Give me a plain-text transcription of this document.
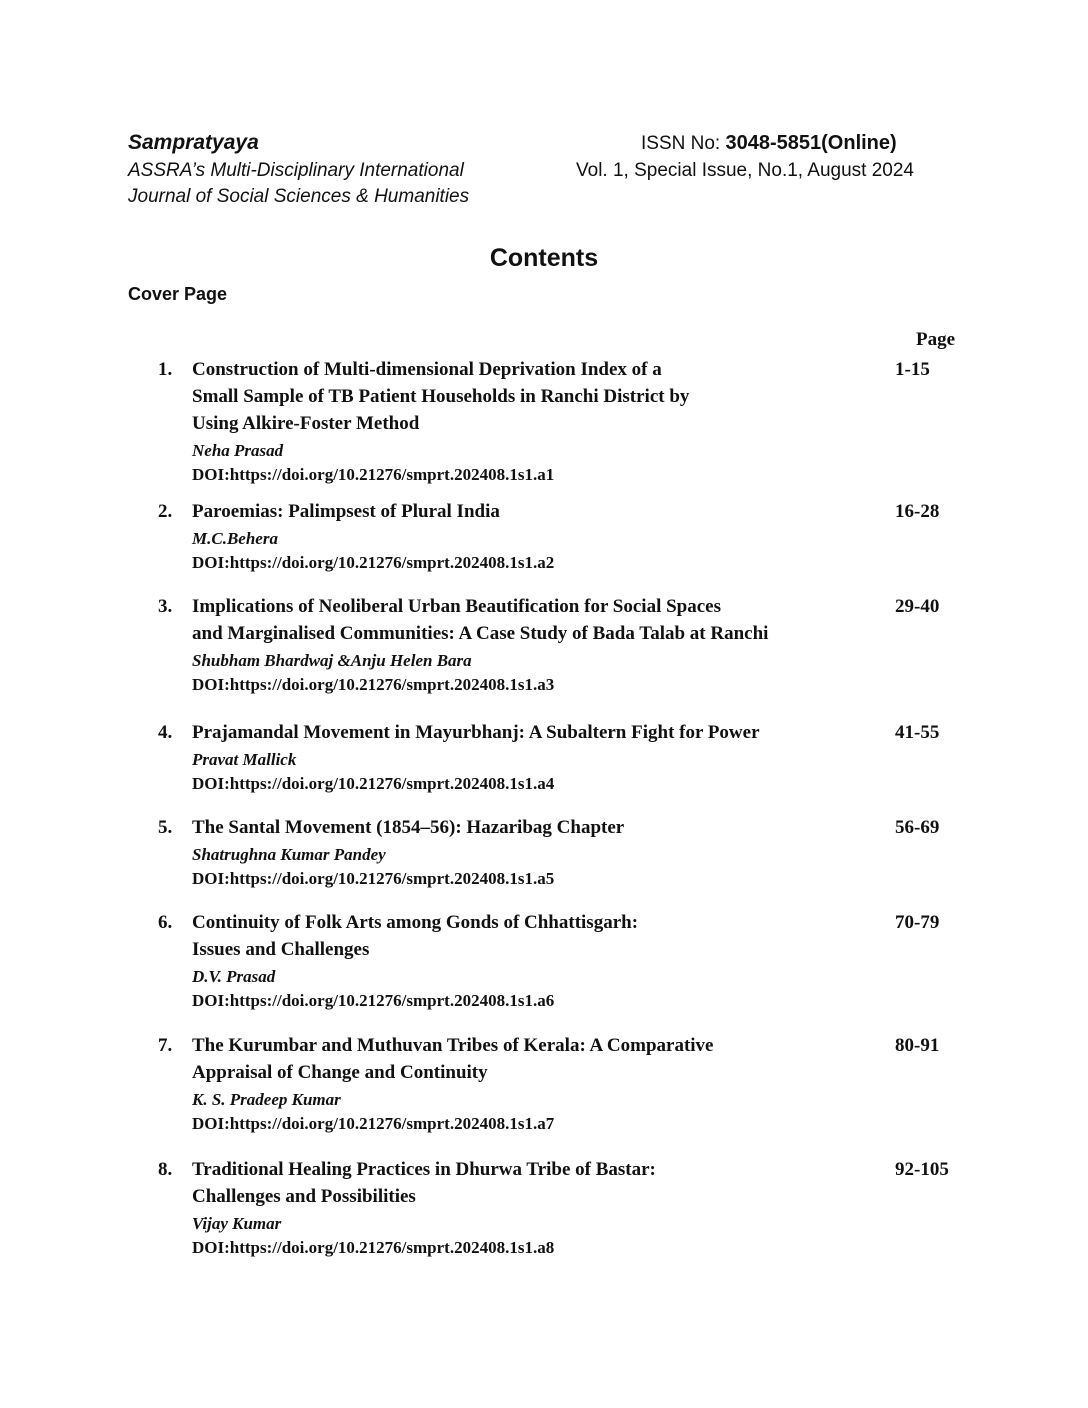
Sampratyaya
ASSRA’s Multi-Disciplinary International
Journal of Social Sciences & Humanities
ISSN No: 3048-5851(Online)
Vol. 1, Special Issue, No.1, August 2024
Contents
Cover Page
Page
1. Construction of Multi-dimensional Deprivation Index of a
Small Sample of TB Patient Households in Ranchi District by
Using Alkire-Foster Method
Neha Prasad
DOI:https://doi.org/10.21276/smprt.202408.1s1.a1
1-15
2. Paroemias: Palimpsest of Plural India
M.C.Behera
DOI:https://doi.org/10.21276/smprt.202408.1s1.a2
16-28
3. Implications of Neoliberal Urban Beautification for Social Spaces
and Marginalised Communities: A Case Study of Bada Talab at Ranchi
Shubham Bhardwaj &Anju Helen Bara
DOI:https://doi.org/10.21276/smprt.202408.1s1.a3
29-40
4. Prajamandal Movement in Mayurbhanj: A Subaltern Fight for Power
Pravat Mallick
DOI:https://doi.org/10.21276/smprt.202408.1s1.a4
41-55
5. The Santal Movement (1854–56): Hazaribag Chapter
Shatrughna Kumar Pandey
DOI:https://doi.org/10.21276/smprt.202408.1s1.a5
56-69
6. Continuity of Folk Arts among Gonds of Chhattisgarh:
Issues and Challenges
D.V. Prasad
DOI:https://doi.org/10.21276/smprt.202408.1s1.a6
70-79
7. The Kurumbar and Muthuvan Tribes of Kerala: A Comparative
Appraisal of Change and Continuity
K. S. Pradeep Kumar
DOI:https://doi.org/10.21276/smprt.202408.1s1.a7
80-91
8. Traditional Healing Practices in Dhurwa Tribe of Bastar:
Challenges and Possibilities
Vijay Kumar
DOI:https://doi.org/10.21276/smprt.202408.1s1.a8
92-105
